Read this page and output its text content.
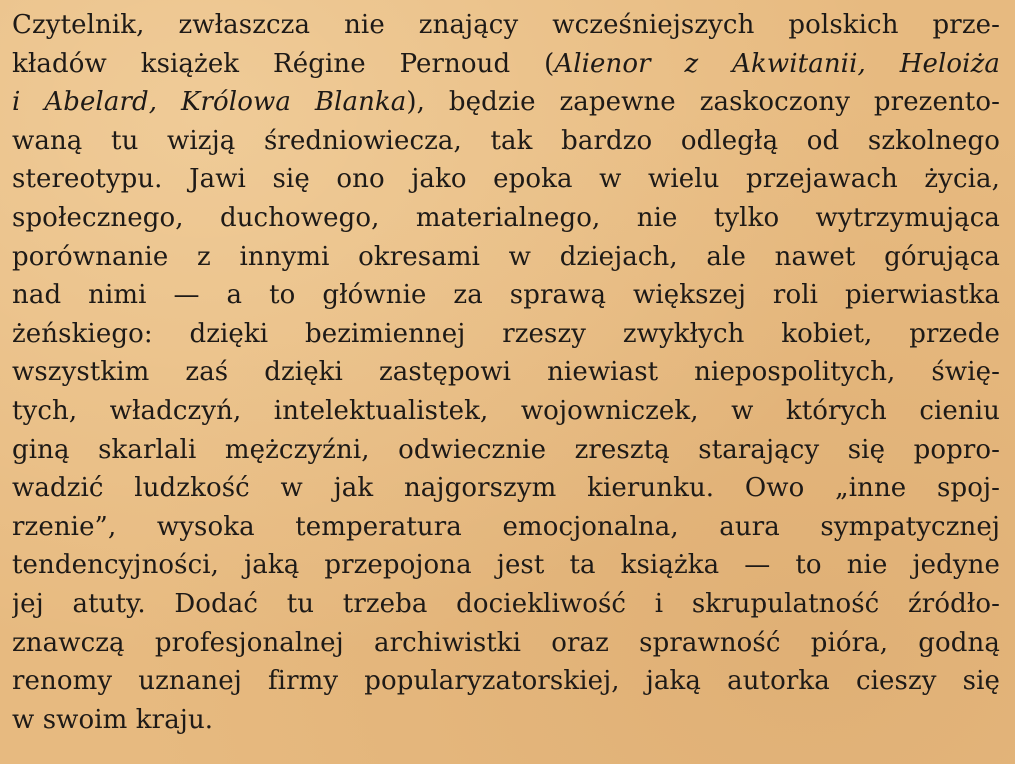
Czytelnik, zwłaszcza nie znający wcześniejszych polskich prze-
kładów książek Régine Pernoud (Alienor z Akwitanii, Heloiża
i Abelard, Królowa Blanka), będzie zapewne zaskoczony prezento-
waną tu wizją średniowiecza, tak bardzo odległą od szkolnego
stereotypu. Jawi się ono jako epoka w wielu przejawach życia,
społecznego, duchowego, materialnego, nie tylko wytrzymująca
porównanie z innymi okresami w dziejach, ale nawet górująca
nad nimi — a to głównie za sprawą większej roli pierwiastka
żeńskiego: dzięki bezimiennej rzeszy zwykłych kobiet, przede
wszystkim zaś dzięki zastępowi niewiast niepospolitych, świę-
tych, władczyń, intelektualistek, wojowniczek, w których cieniu
giną skarlali mężczyźni, odwiecznie zresztą starający się popro-
wadzić ludzkość w jak najgorszym kierunku. Owo „inne spoj-
rzenie”, wysoka temperatura emocjonalna, aura sympatycznej
tendencyjności, jaką przepojona jest ta książka — to nie jedyne
jej atuty. Dodać tu trzeba dociekliwość i skrupulatność źródło-
znawczą profesjonalnej archiwistki oraz sprawność pióra, godną
renomy uznanej firmy popularyzatorskiej, jaką autorka cieszy się
w swoim kraju.
